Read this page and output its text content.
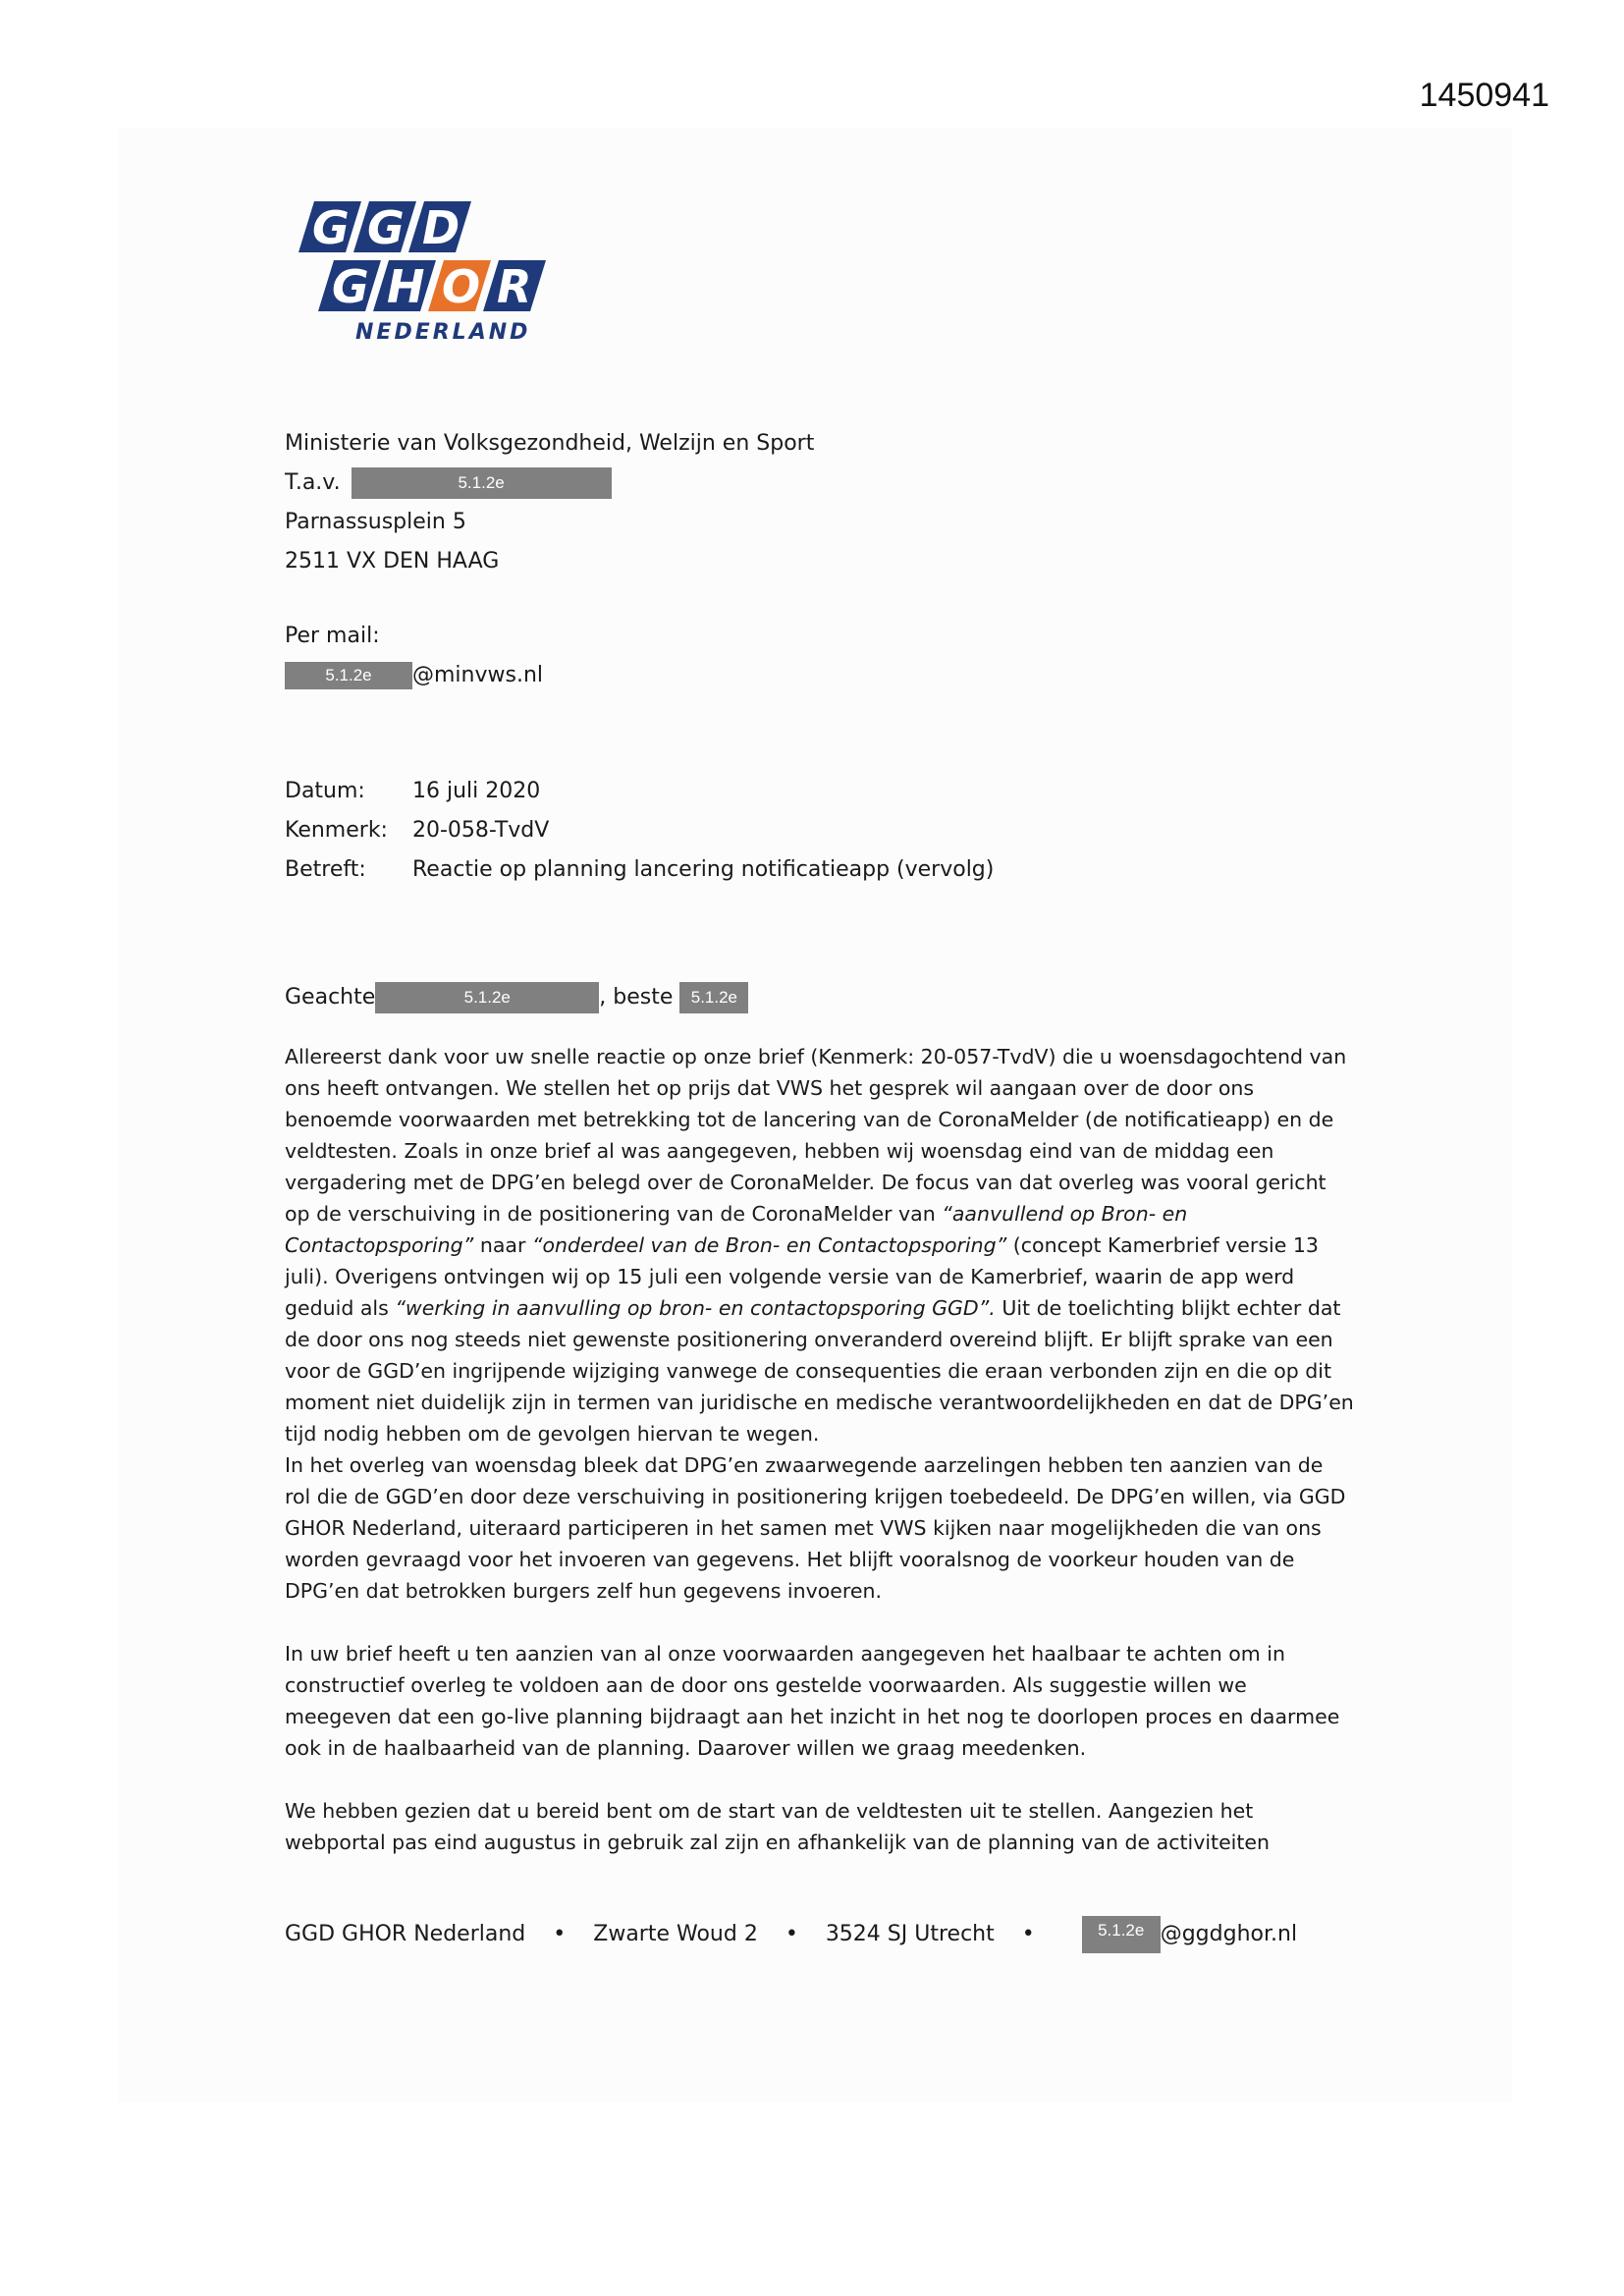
1450941
G G D
G H O R
NEDERLAND
Ministerie van Volksgezondheid, Welzijn en Sport
T.a.v.	5.1.2e
Parnassusplein 5
2511 VX DEN HAAG
Per mail:
5.1.2e @minvws.nl
Datum:	16 juli 2020
Kenmerk:	20-058-TvdV
Betreft:	Reactie op planning lancering notificatieapp (vervolg)
Geachte	5.1.2e	, beste 5.1.2e

Allereerst dank voor uw snelle reactie op onze brief (Kenmerk: 20-057-TvdV) die u woensdagochtend van ons heeft ontvangen. We stellen het op prijs dat VWS het gesprek wil aangaan over de door ons benoemde voorwaarden met betrekking tot de lancering van de CoronaMelder (de notificatieapp) en de veldtesten. Zoals in onze brief al was aangegeven, hebben wij woensdag eind van de middag een vergadering met de DPG’en belegd over de CoronaMelder. De focus van dat overleg was vooral gericht op de verschuiving in de positionering van de CoronaMelder van “aanvullend op Bron- en Contactopsporing” naar “onderdeel van de Bron- en Contactopsporing” (concept Kamerbrief versie 13 juli). Overigens ontvingen wij op 15 juli een volgende versie van de Kamerbrief, waarin de app werd geduid als “werking in aanvulling op bron- en contactopsporing GGD”. Uit de toelichting blijkt echter dat de door ons nog steeds niet gewenste positionering onveranderd overeind blijft. Er blijft sprake van een voor de GGD’en ingrijpende wijziging vanwege de consequenties die eraan verbonden zijn en die op dit moment niet duidelijk zijn in termen van juridische en medische verantwoordelijkheden en dat de DPG’en tijd nodig hebben om de gevolgen hiervan te wegen.
In het overleg van woensdag bleek dat DPG’en zwaarwegende aarzelingen hebben ten aanzien van de rol die de GGD’en door deze verschuiving in positionering krijgen toebedeeld. De DPG’en willen, via GGD GHOR Nederland, uiteraard participeren in het samen met VWS kijken naar mogelijkheden die van ons worden gevraagd voor het invoeren van gegevens. Het blijft vooralsnog de voorkeur houden van de DPG’en dat betrokken burgers zelf hun gegevens invoeren.

In uw brief heeft u ten aanzien van al onze voorwaarden aangegeven het haalbaar te achten om in constructief overleg te voldoen aan de door ons gestelde voorwaarden. Als suggestie willen we meegeven dat een go-live planning bijdraagt aan het inzicht in het nog te doorlopen proces en daarmee ook in de haalbaarheid van de planning. Daarover willen we graag meedenken.

We hebben gezien dat u bereid bent om de start van de veldtesten uit te stellen. Aangezien het webportal pas eind augustus in gebruik zal zijn en afhankelijk van de planning van de activiteiten

GGD GHOR Nederland • Zwarte Woud 2 • 3524 SJ Utrecht •	5.1.2e @ggdghor.nl
